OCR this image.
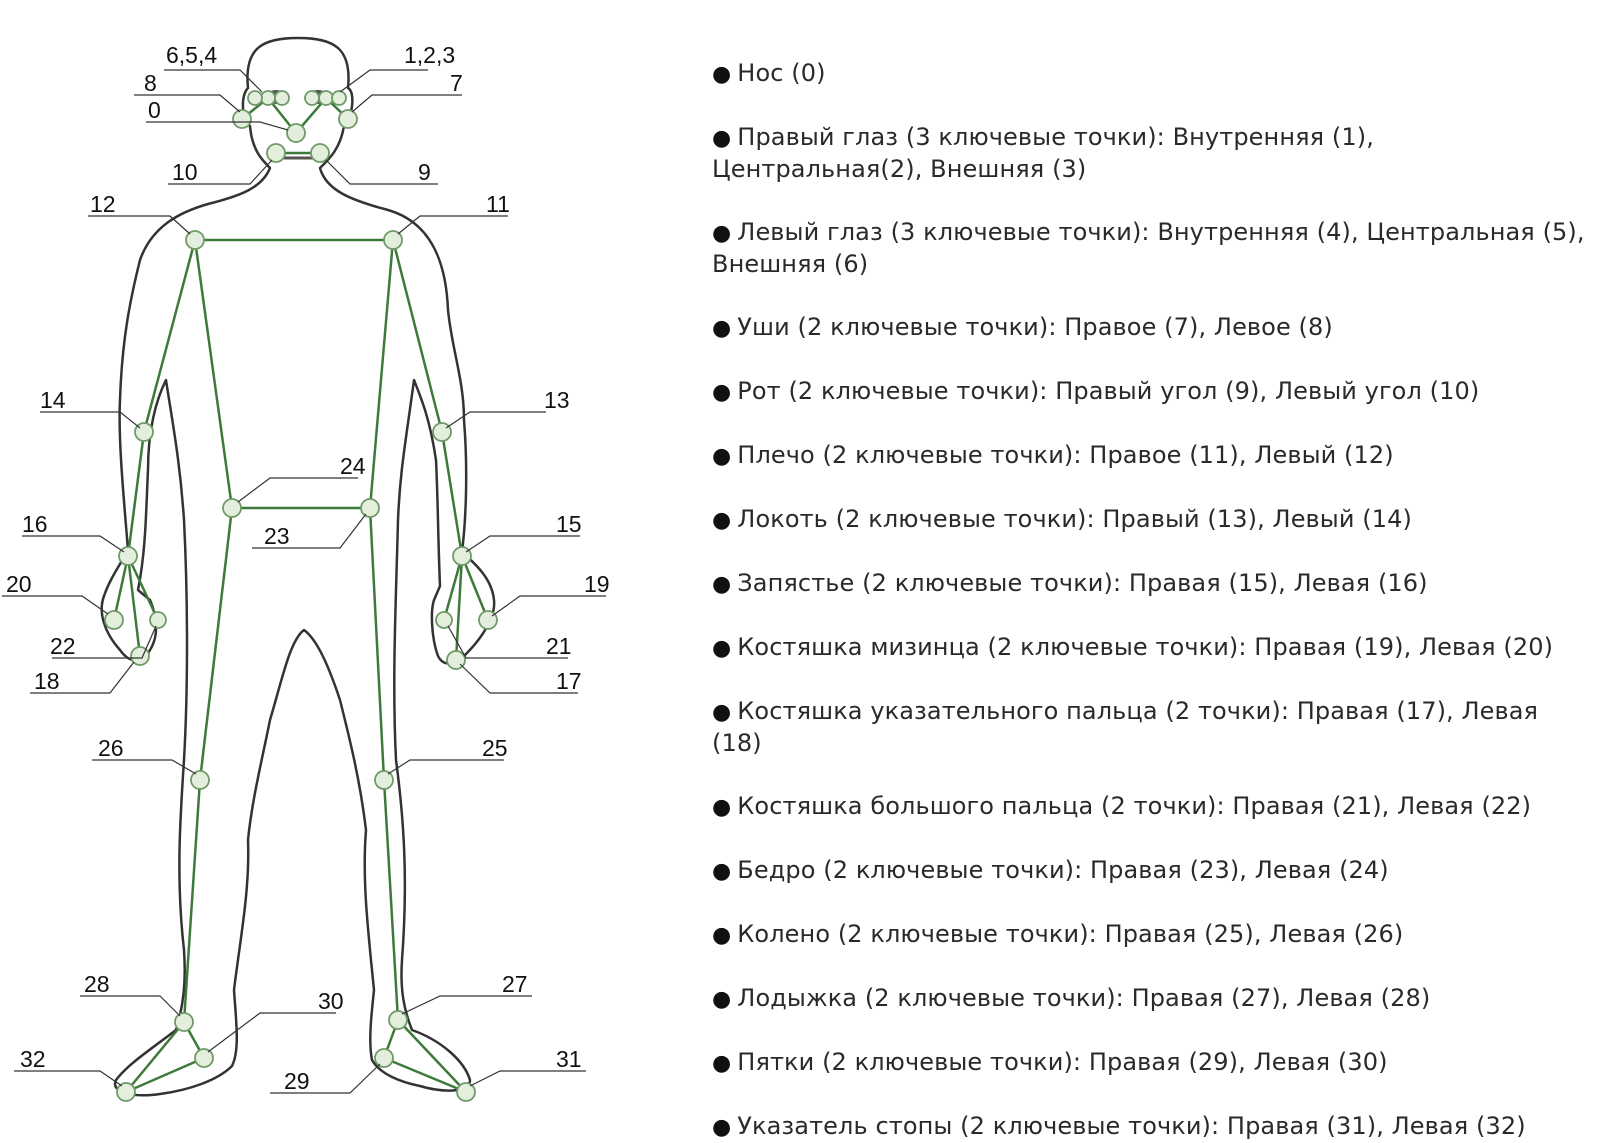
6,5,4	1,2,3
8	7
0
10	9
12	11
14	13
24
23
16	15
20	19
22	21
18	17
26	25
28	27
30
29
32	31
● Нос (0)
● Правый глаз (3 ключевые точки): Внутренняя (1), Центральная(2), Внешняя (3)
● Левый глаз (3 ключевые точки): Внутренняя (4), Центральная (5), Внешняя (6)
● Уши (2 ключевые точки): Правое (7), Левое (8)
● Рот (2 ключевые точки): Правый угол (9), Левый угол (10)
● Плечо (2 ключевые точки): Правое (11), Левый (12)
● Локоть (2 ключевые точки): Правый (13), Левый (14)
● Запястье (2 ключевые точки): Правая (15), Левая (16)
● Костяшка мизинца (2 ключевые точки): Правая (19), Левая (20)
● Костяшка указательного пальца (2 точки): Правая (17), Левая (18)
● Костяшка большого пальца (2 точки): Правая (21), Левая (22)
● Бедро (2 ключевые точки): Правая (23), Левая (24)
● Колено (2 ключевые точки): Правая (25), Левая (26)
● Лодыжка (2 ключевые точки): Правая (27), Левая (28)
● Пятки (2 ключевые точки): Правая (29), Левая (30)
● Указатель стопы (2 ключевые точки): Правая (31), Левая (32)
